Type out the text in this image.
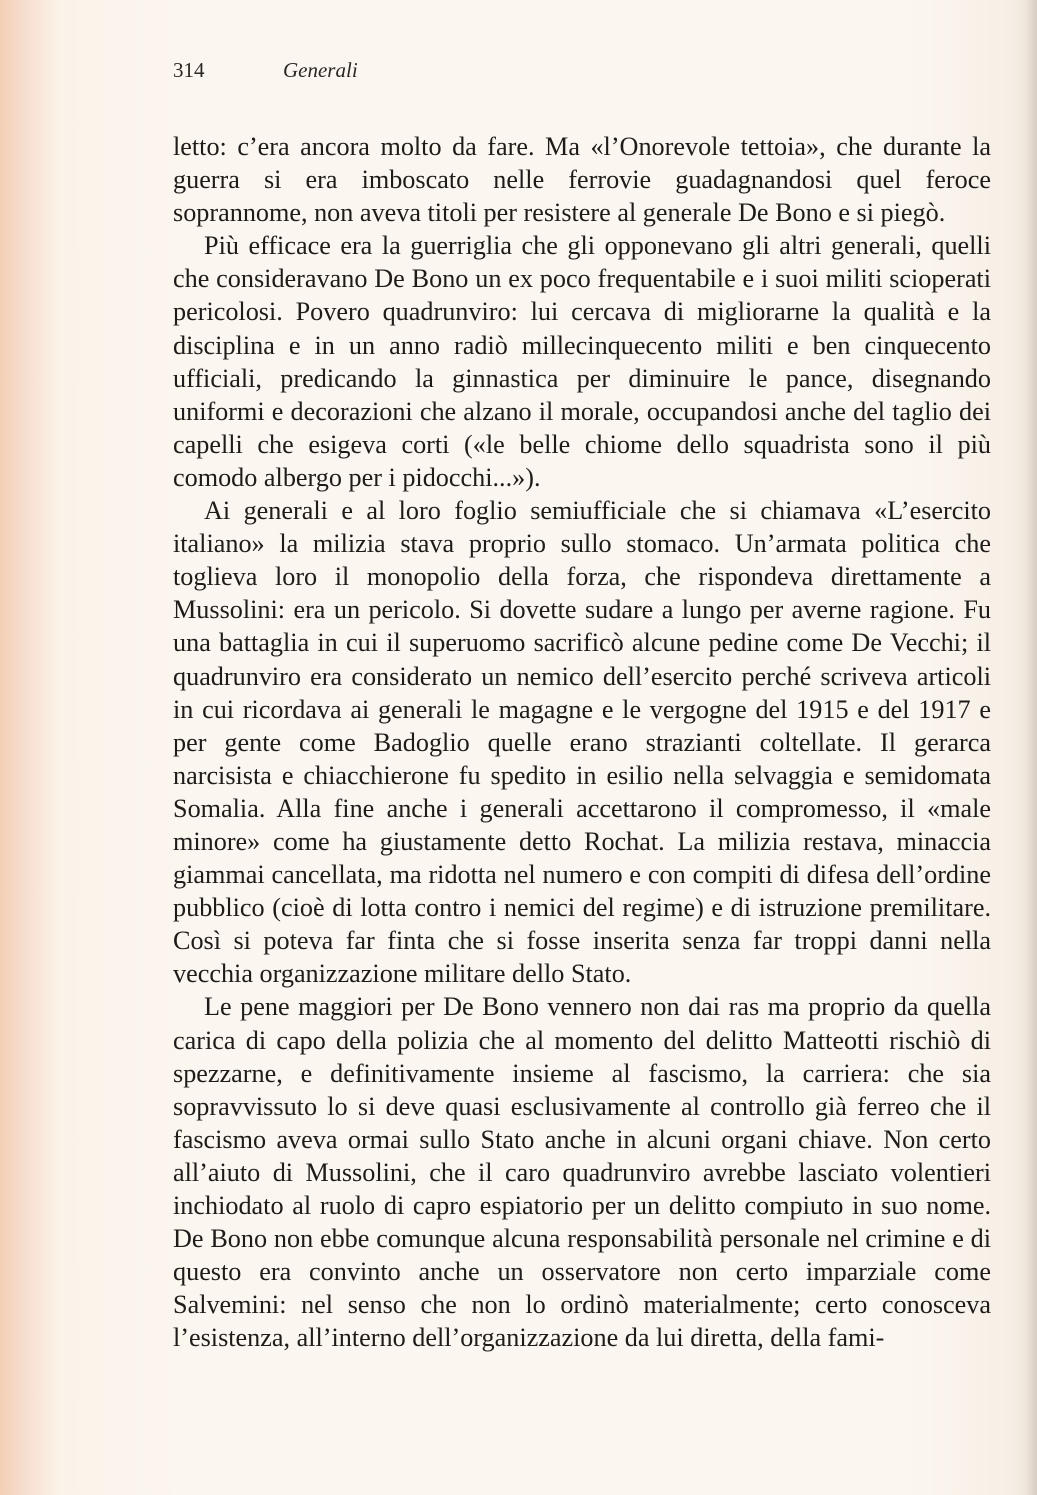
314	Generali

letto: c’era ancora molto da fare. Ma «l’Onorevole tettoia», che durante la guerra si era imboscato nelle ferrovie guadagnandosi quel feroce soprannome, non aveva titoli per resistere al generale De Bono e si piegò.

Più efficace era la guerriglia che gli opponevano gli altri generali, quelli che consideravano De Bono un ex poco frequentabile e i suoi militi scioperati pericolosi. Povero quadrunviro: lui cercava di migliorarne la qualità e la disciplina e in un anno radiò millecinquecento militi e ben cinquecento ufficiali, predicando la ginnastica per diminuire le pance, disegnando uniformi e decorazioni che alzano il morale, occupandosi anche del taglio dei capelli che esigeva corti («le belle chiome dello squadrista sono il più comodo albergo per i pidocchi...»).

Ai generali e al loro foglio semiufficiale che si chiamava «L’esercito italiano» la milizia stava proprio sullo stomaco. Un’armata politica che toglieva loro il monopolio della forza, che rispondeva direttamente a Mussolini: era un pericolo. Si dovette sudare a lungo per averne ragione. Fu una battaglia in cui il superuomo sacrificò alcune pedine come De Vecchi; il quadrunviro era considerato un nemico dell’esercito perché scriveva articoli in cui ricordava ai generali le magagne e le vergogne del 1915 e del 1917 e per gente come Badoglio quelle erano strazianti coltellate. Il gerarca narcisista e chiacchierone fu spedito in esilio nella selvaggia e semidomata Somalia. Alla fine anche i generali accettarono il compromesso, il «male minore» come ha giustamente detto Rochat. La milizia restava, minaccia giammai cancellata, ma ridotta nel numero e con compiti di difesa dell’ordine pubblico (cioè di lotta contro i nemici del regime) e di istruzione premilitare. Così si poteva far finta che si fosse inserita senza far troppi danni nella vecchia organizzazione militare dello Stato.

Le pene maggiori per De Bono vennero non dai ras ma proprio da quella carica di capo della polizia che al momento del delitto Matteotti rischiò di spezzarne, e definitivamente insieme al fascismo, la carriera: che sia sopravvissuto lo si deve quasi esclusivamente al controllo già ferreo che il fascismo aveva ormai sullo Stato anche in alcuni organi chiave. Non certo all’aiuto di Mussolini, che il caro quadrunviro avrebbe lasciato volentieri inchiodato al ruolo di capro espiatorio per un delitto compiuto in suo nome. De Bono non ebbe comunque alcuna responsabilità personale nel crimine e di questo era convinto anche un osservatore non certo imparziale come Salvemini: nel senso che non lo ordinò materialmente; certo conosceva l’esistenza, all’interno dell’organizzazione da lui diretta, della fami-
